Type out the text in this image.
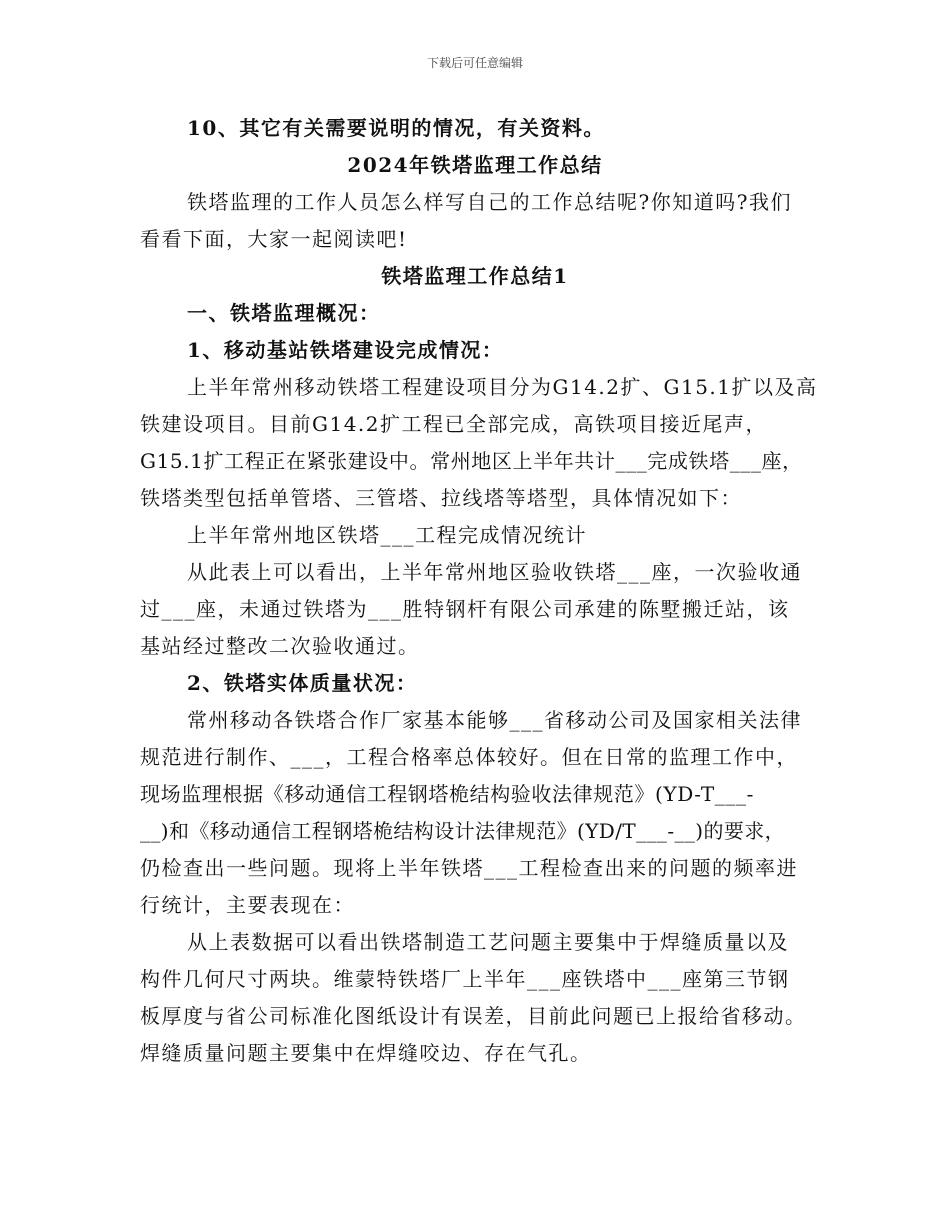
下载后可任意编辑
10、其它有关需要说明的情况，有关资料。
2024年铁塔监理工作总结
铁塔监理的工作人员怎么样写自己的工作总结呢?你知道吗?我们
看看下面，大家一起阅读吧!
铁塔监理工作总结1
一、铁塔监理概况：
1、移动基站铁塔建设完成情况：
上半年常州移动铁塔工程建设项目分为G14.2扩、G15.1扩以及高
铁建设项目。目前G14.2扩工程已全部完成，高铁项目接近尾声，
G15.1扩工程正在紧张建设中。常州地区上半年共计___完成铁塔___座，
铁塔类型包括单管塔、三管塔、拉线塔等塔型，具体情况如下：
上半年常州地区铁塔___工程完成情况统计
从此表上可以看出，上半年常州地区验收铁塔___座，一次验收通
过___座，未通过铁塔为___胜特钢杆有限公司承建的陈墅搬迁站，该
基站经过整改二次验收通过。
2、铁塔实体质量状况：
常州移动各铁塔合作厂家基本能够___省移动公司及国家相关法律
规范进行制作、___，工程合格率总体较好。但在日常的监理工作中，
现场监理根据《移动通信工程钢塔桅结构验收法律规范》(YD-T___-
__)和《移动通信工程钢塔桅结构设计法律规范》(YD/T___-__)的要求，
仍检查出一些问题。现将上半年铁塔___工程检查出来的问题的频率进
行统计，主要表现在：
从上表数据可以看出铁塔制造工艺问题主要集中于焊缝质量以及
构件几何尺寸两块。维蒙特铁塔厂上半年___座铁塔中___座第三节钢
板厚度与省公司标准化图纸设计有误差，目前此问题已上报给省移动。
焊缝质量问题主要集中在焊缝咬边、存在气孔。
